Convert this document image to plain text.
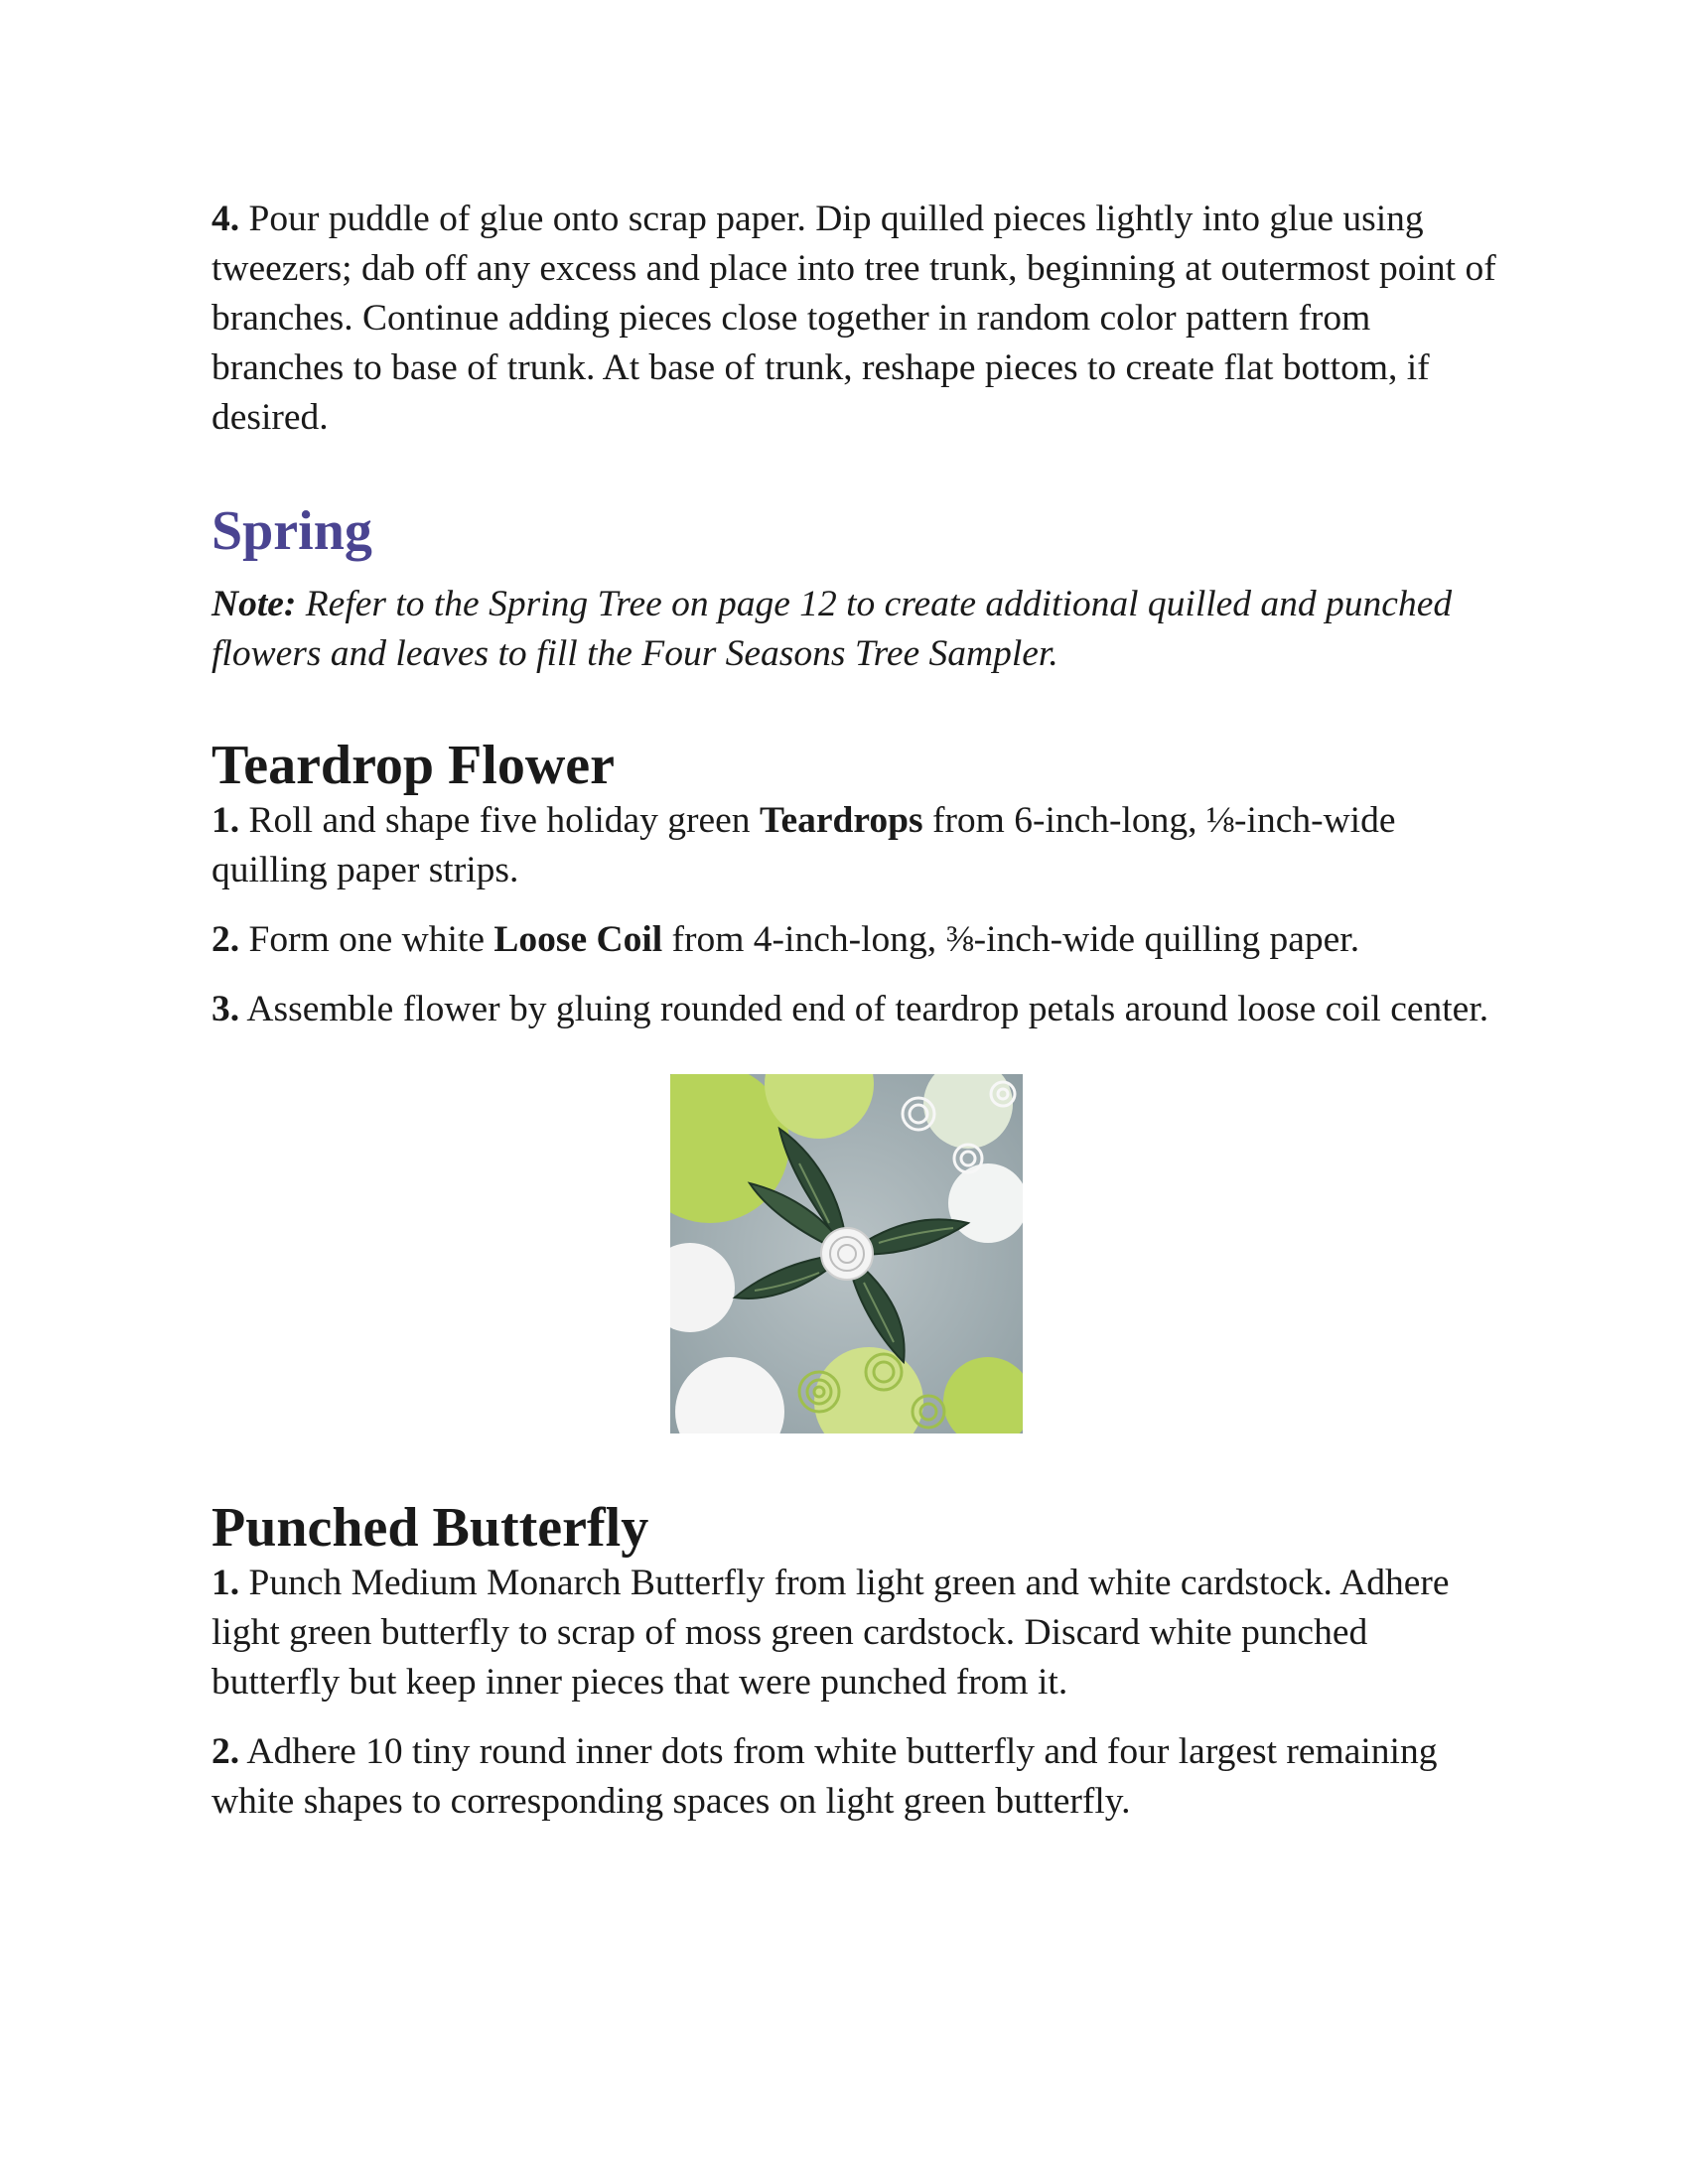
4. Pour puddle of glue onto scrap paper. Dip quilled pieces lightly into glue using tweezers; dab off any excess and place into tree trunk, beginning at outermost point of branches. Continue adding pieces close together in random color pattern from branches to base of trunk. At base of trunk, reshape pieces to create flat bottom, if desired.

Spring

Note: Refer to the Spring Tree on page 12 to create additional quilled and punched flowers and leaves to fill the Four Seasons Tree Sampler.

Teardrop Flower

1. Roll and shape five holiday green Teardrops from 6-inch-long, ⅛-inch-wide quilling paper strips.

2. Form one white Loose Coil from 4-inch-long, ⅜-inch-wide quilling paper.

3. Assemble flower by gluing rounded end of teardrop petals around loose coil center.

Punched Butterfly

1. Punch Medium Monarch Butterfly from light green and white cardstock. Adhere light green butterfly to scrap of moss green cardstock. Discard white punched butterfly but keep inner pieces that were punched from it.

2. Adhere 10 tiny round inner dots from white butterfly and four largest remaining white shapes to corresponding spaces on light green butterfly.
